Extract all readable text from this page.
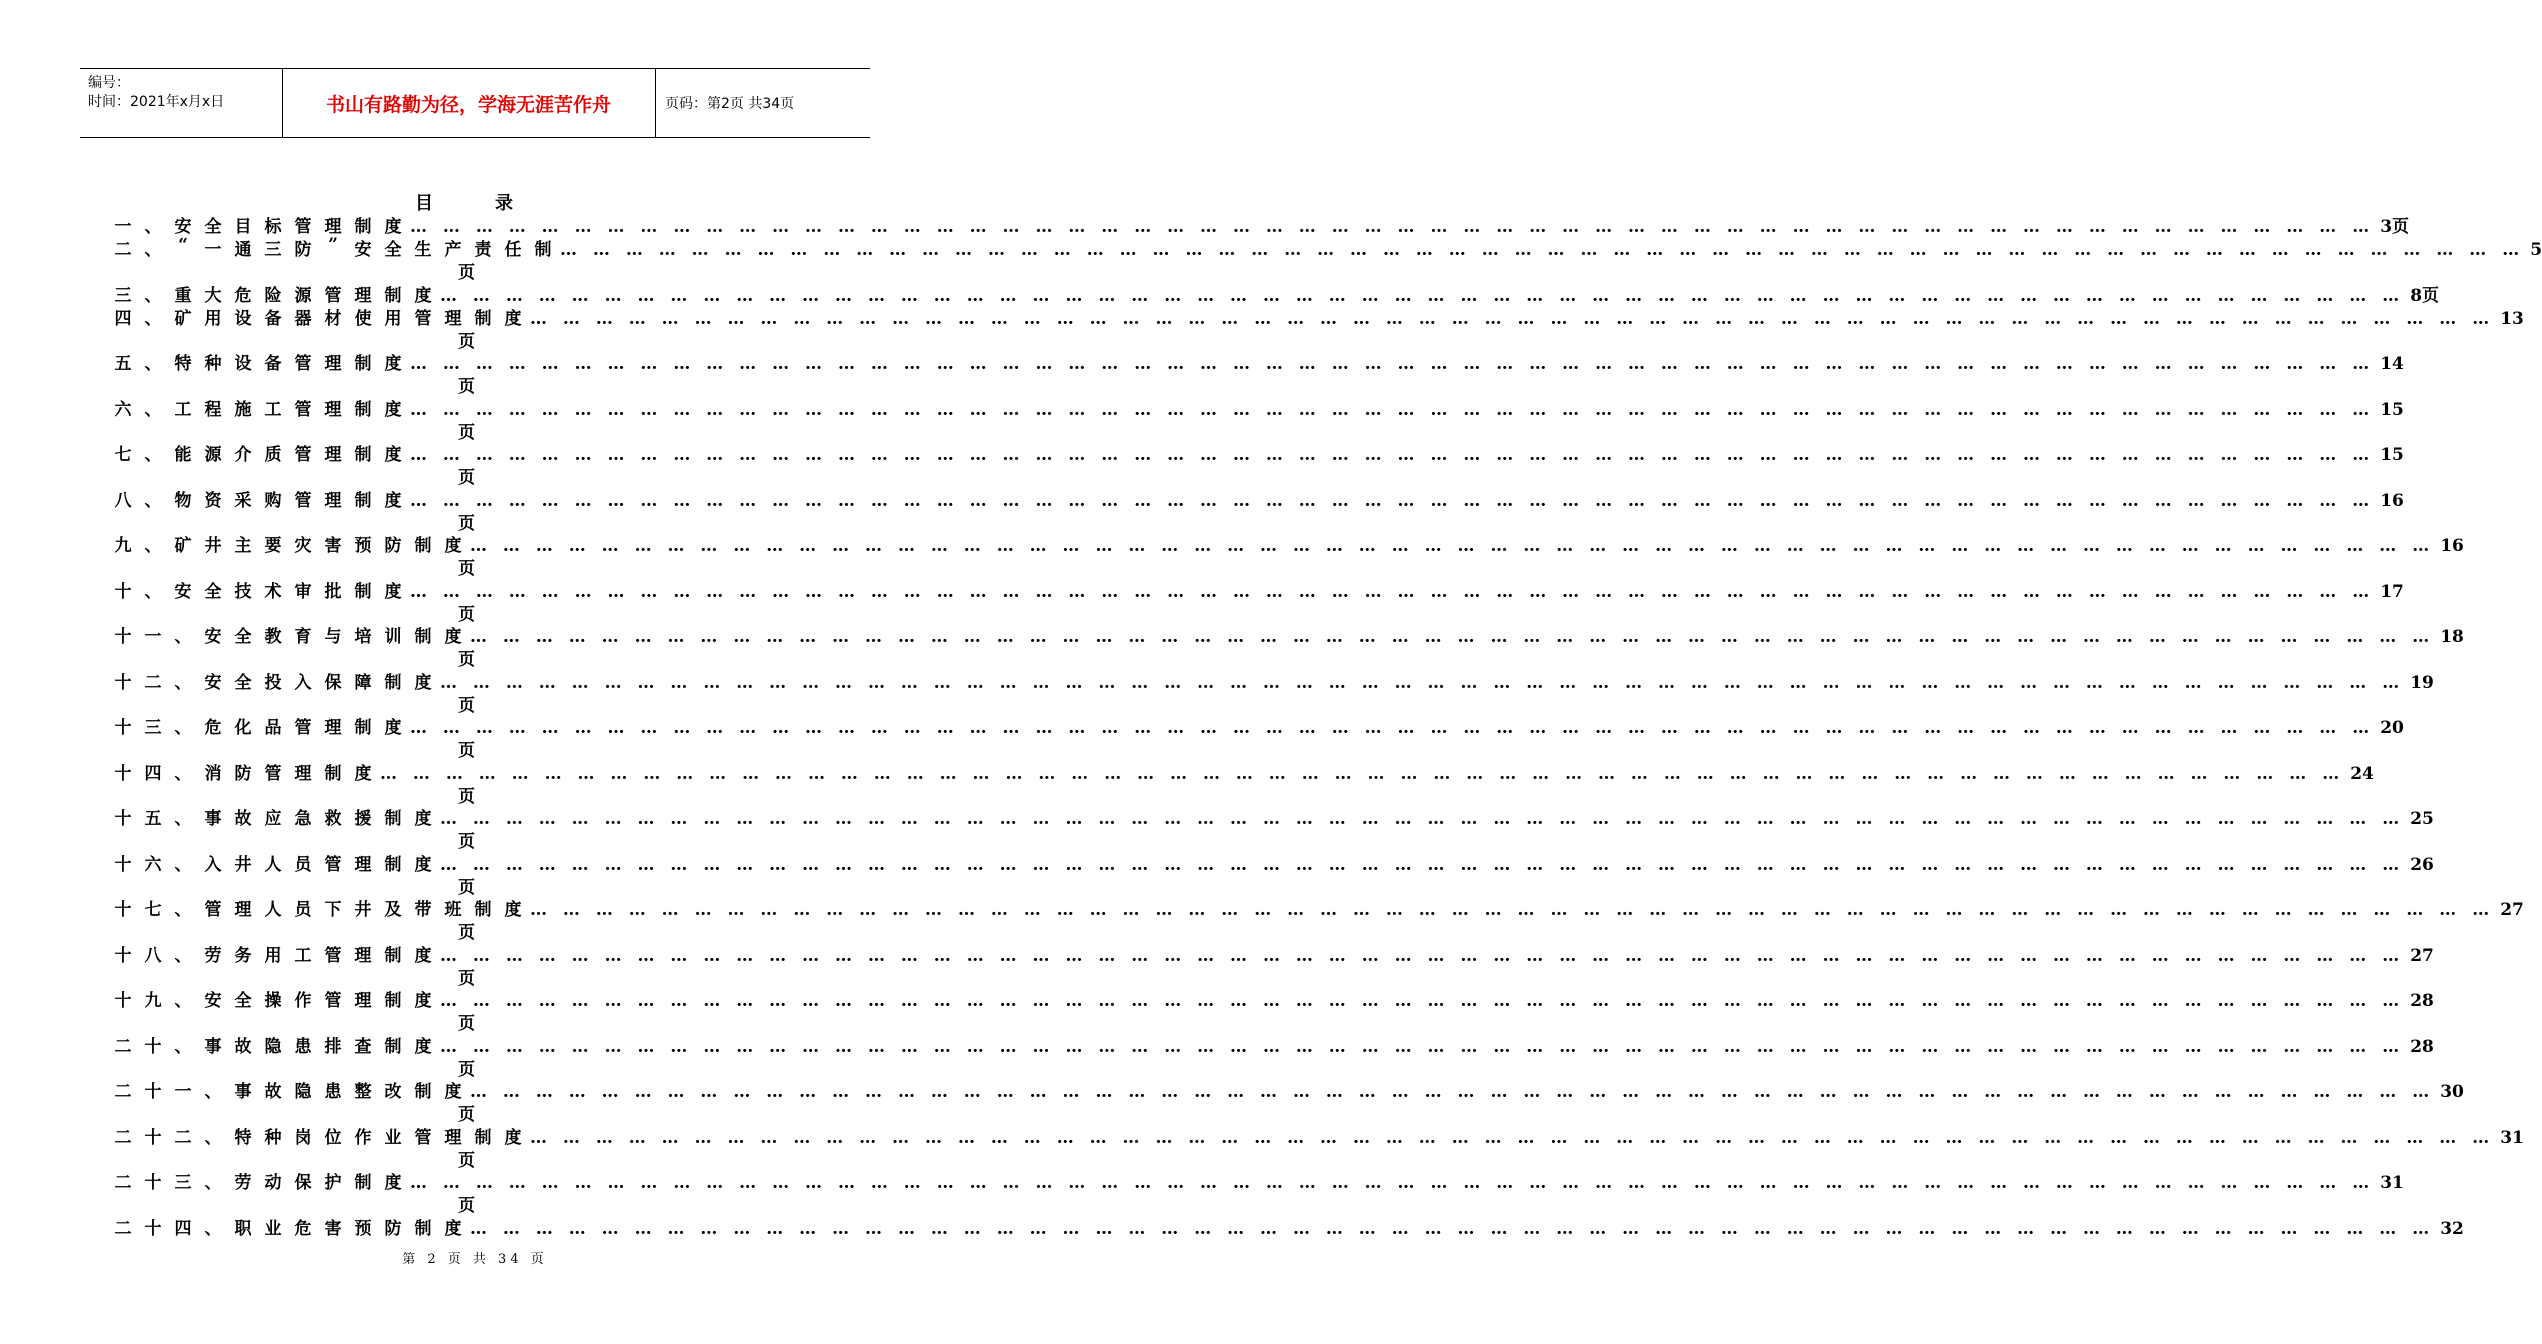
编号：
时间：2021年x月x日	书山有路勤为径，学海无涯苦作舟	页码：第2页 共34页
目录
一 、 安 全 目 标 管 理 制 度 … … … … … … … … … … … … … … … … … … … … … … … … … … … … … … … … … … … … … … … … … … … … … … … … … … … … … … … … … … … … 3页
二 、 “ 一 通 三 防 ” 安 全 生 产 责 任 制 … … … … … … … … … … … … … … … … … … … … … … … … … … … … … … … … … … … … … … … … … … … … … … … … … … … … … … … … … … … … 5
页
三 、 重 大 危 险 源 管 理 制 度 … … … … … … … … … … … … … … … … … … … … … … … … … … … … … … … … … … … … … … … … … … … … … … … … … … … … … … … … … … … … 8页
四 、 矿 用 设 备 器 材 使 用 管 理 制 度 … … … … … … … … … … … … … … … … … … … … … … … … … … … … … … … … … … … … … … … … … … … … … … … … … … … … … … … … … … … … 13
页
五 、 特 种 设 备 管 理 制 度 … … … … … … … … … … … … … … … … … … … … … … … … … … … … … … … … … … … … … … … … … … … … … … … … … … … … … … … … … … … … 14
页
六 、 工 程 施 工 管 理 制 度 … … … … … … … … … … … … … … … … … … … … … … … … … … … … … … … … … … … … … … … … … … … … … … … … … … … … … … … … … … … … 15
页
七 、 能 源 介 质 管 理 制 度 … … … … … … … … … … … … … … … … … … … … … … … … … … … … … … … … … … … … … … … … … … … … … … … … … … … … … … … … … … … … 15
页
八 、 物 资 采 购 管 理 制 度 … … … … … … … … … … … … … … … … … … … … … … … … … … … … … … … … … … … … … … … … … … … … … … … … … … … … … … … … … … … … 16
页
九 、 矿 井 主 要 灾 害 预 防 制 度 … … … … … … … … … … … … … … … … … … … … … … … … … … … … … … … … … … … … … … … … … … … … … … … … … … … … … … … … … … … … 16
页
十 、 安 全 技 术 审 批 制 度 … … … … … … … … … … … … … … … … … … … … … … … … … … … … … … … … … … … … … … … … … … … … … … … … … … … … … … … … … … … … 17
页
十 一 、 安 全 教 育 与 培 训 制 度 … … … … … … … … … … … … … … … … … … … … … … … … … … … … … … … … … … … … … … … … … … … … … … … … … … … … … … … … … … … … 18
页
十 二 、 安 全 投 入 保 障 制 度 … … … … … … … … … … … … … … … … … … … … … … … … … … … … … … … … … … … … … … … … … … … … … … … … … … … … … … … … … … … … 19
页
十 三 、 危 化 品 管 理 制 度 … … … … … … … … … … … … … … … … … … … … … … … … … … … … … … … … … … … … … … … … … … … … … … … … … … … … … … … … … … … … 20
页
十 四 、 消 防 管 理 制 度 … … … … … … … … … … … … … … … … … … … … … … … … … … … … … … … … … … … … … … … … … … … … … … … … … … … … … … … … … … … … 24
页
十 五 、 事 故 应 急 救 援 制 度 … … … … … … … … … … … … … … … … … … … … … … … … … … … … … … … … … … … … … … … … … … … … … … … … … … … … … … … … … … … … 25
页
十 六 、 入 井 人 员 管 理 制 度 … … … … … … … … … … … … … … … … … … … … … … … … … … … … … … … … … … … … … … … … … … … … … … … … … … … … … … … … … … … … 26
页
十 七 、 管 理 人 员 下 井 及 带 班 制 度 … … … … … … … … … … … … … … … … … … … … … … … … … … … … … … … … … … … … … … … … … … … … … … … … … … … … … … … … … … … … 27
页
十 八 、 劳 务 用 工 管 理 制 度 … … … … … … … … … … … … … … … … … … … … … … … … … … … … … … … … … … … … … … … … … … … … … … … … … … … … … … … … … … … … 27
页
十 九 、 安 全 操 作 管 理 制 度 … … … … … … … … … … … … … … … … … … … … … … … … … … … … … … … … … … … … … … … … … … … … … … … … … … … … … … … … … … … … 28
页
二 十 、 事 故 隐 患 排 查 制 度 … … … … … … … … … … … … … … … … … … … … … … … … … … … … … … … … … … … … … … … … … … … … … … … … … … … … … … … … … … … … 28
页
二 十 一 、 事 故 隐 患 整 改 制 度 … … … … … … … … … … … … … … … … … … … … … … … … … … … … … … … … … … … … … … … … … … … … … … … … … … … … … … … … … … … … 30
页
二 十 二 、 特 种 岗 位 作 业 管 理 制 度 … … … … … … … … … … … … … … … … … … … … … … … … … … … … … … … … … … … … … … … … … … … … … … … … … … … … … … … … … … … … 31
页
二 十 三 、 劳 动 保 护 制 度 … … … … … … … … … … … … … … … … … … … … … … … … … … … … … … … … … … … … … … … … … … … … … … … … … … … … … … … … … … … … 31
页
二 十 四 、 职 业 危 害 预 防 制 度 … … … … … … … … … … … … … … … … … … … … … … … … … … … … … … … … … … … … … … … … … … … … … … … … … … … … … … … … … … … … 32
第 2 页 共 34 页
